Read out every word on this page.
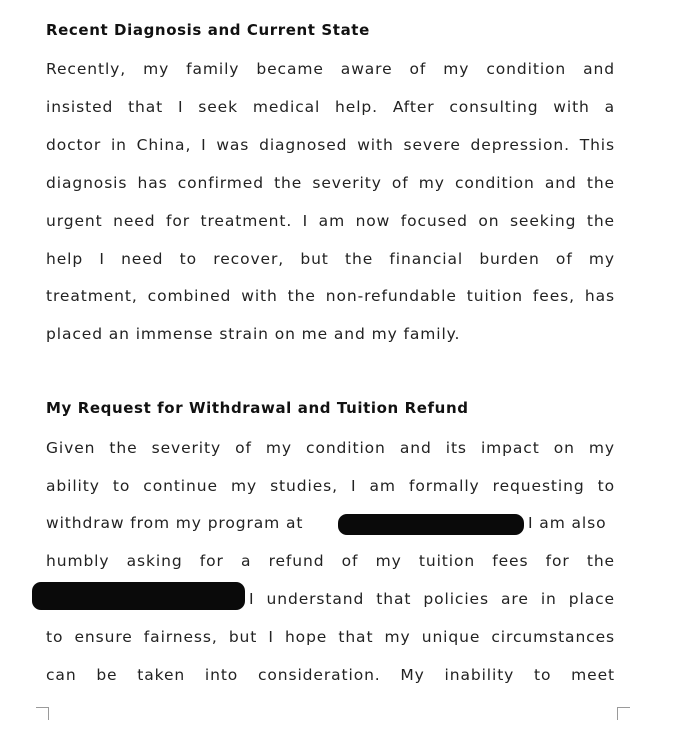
Recent Diagnosis and Current State
Recently, my family became aware of my condition and
insisted that I seek medical help. After consulting with a
doctor in China, I was diagnosed with severe depression. This
diagnosis has confirmed the severity of my condition and the
urgent need for treatment. I am now focused on seeking the
help I need to recover, but the financial burden of my
treatment, combined with the non-refundable tuition fees, has
placed an immense strain on me and my family.
My Request for Withdrawal and Tuition Refund
Given the severity of my condition and its impact on my
ability to continue my studies, I am formally requesting to
withdraw from my program at	I am also
humbly asking for a refund of my tuition fees for the
I understand that policies are in place
to ensure fairness, but I hope that my unique circumstances
can be taken into consideration. My inability to meet
